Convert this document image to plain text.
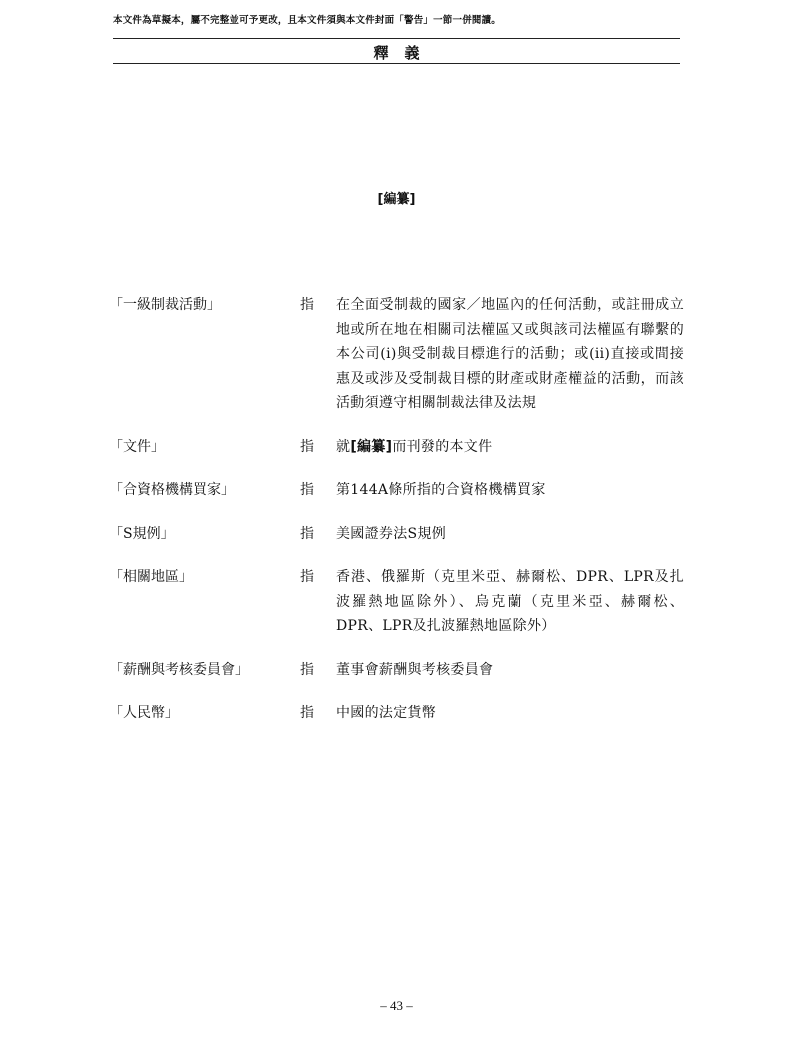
本文件為草擬本，屬不完整並可予更改，且本文件須與本文件封面「警告」一節一併閱讀。
釋義
[編纂]
「一級制裁活動」	指	在全面受制裁的國家／地區內的任何活動，或註冊成立地或所在地在相關司法權區又或與該司法權區有聯繫的本公司(i)與受制裁目標進行的活動；或(ii)直接或間接惠及或涉及受制裁目標的財產或財產權益的活動，而該活動須遵守相關制裁法律及法規
「文件」	指	就[編纂]而刊發的本文件
「合資格機構買家」	指	第144A條所指的合資格機構買家
「S規例」	指	美國證券法S規例
「相關地區」	指	香港、俄羅斯（克里米亞、赫爾松、DPR、LPR及扎波羅熱地區除外）、烏克蘭（克里米亞、赫爾松、DPR、LPR及扎波羅熱地區除外）
「薪酬與考核委員會」	指	董事會薪酬與考核委員會
「人民幣」	指	中國的法定貨幣
– 43 –
